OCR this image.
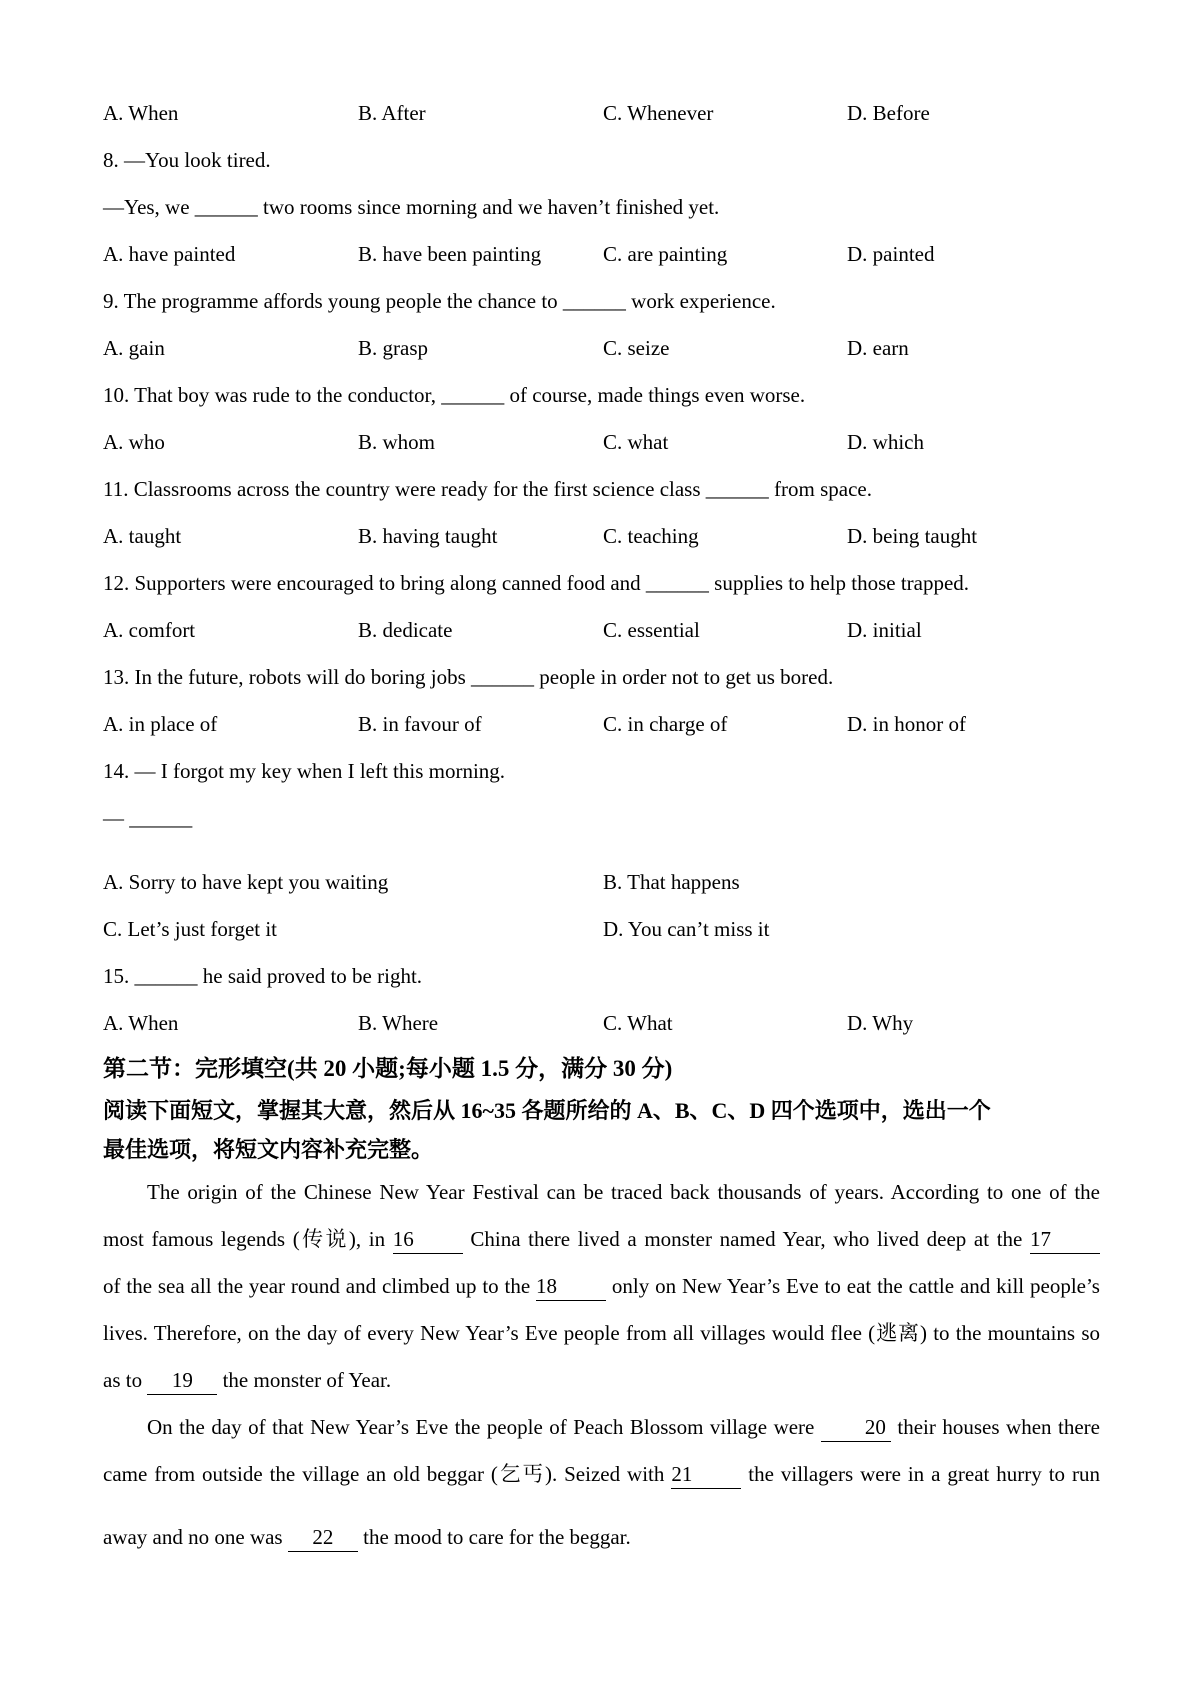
A. When	B. After	C. Whenever	D. Before

8. —You look tired.

—Yes, we ______ two rooms since morning and we haven’t finished yet.

A. have painted	B. have been painting	C. are painting	D. painted

9. The programme affords young people the chance to ______ work experience.

A. gain	B. grasp	C. seize	D. earn

10. That boy was rude to the conductor, ______ of course, made things even worse.

A. who	B. whom	C. what	D. which

11. Classrooms across the country were ready for the first science class ______ from space.

A. taught	B. having taught	C. teaching	D. being taught

12. Supporters were encouraged to bring along canned food and ______ supplies to help those trapped.

A. comfort	B. dedicate	C. essential	D. initial

13. In the future, robots will do boring jobs ______ people in order not to get us bored.

A. in place of	B. in favour of	C. in charge of	D. in honor of

14. — I forgot my key when I left this morning.

— ______

A. Sorry to have kept you waiting	B. That happens
C. Let’s just forget it	D. You can’t miss it

15. ______ he said proved to be right.

A. When	B. Where	C. What	D. Why
第二节：完形填空(共 20 小题;每小题 1.5 分，满分 30 分)

阅读下面短文，掌握其大意，然后从 16~35 各题所给的 A、B、C、D 四个选项中，选出一个

最佳选项，将短文内容补充完整。

The origin of the Chinese New Year Festival can be traced back thousands of years. According to one of the

most famous legends (传说), in 16 China there lived a monster named Year, who lived deep at the 17

of the sea all the year round and climbed up to the 18 only on New Year’s Eve to eat the cattle and kill people’s

lives. Therefore, on the day of every New Year’s Eve people from all villages would flee (逃离) to the mountains so

as to 19 the monster of Year.

On the day of that New Year’s Eve the people of Peach Blossom village were 20 their houses when there

came from outside the village an old beggar (乞丐). Seized with 21 the villagers were in a great hurry to run

away and no one was 22 the mood to care for the beggar.
